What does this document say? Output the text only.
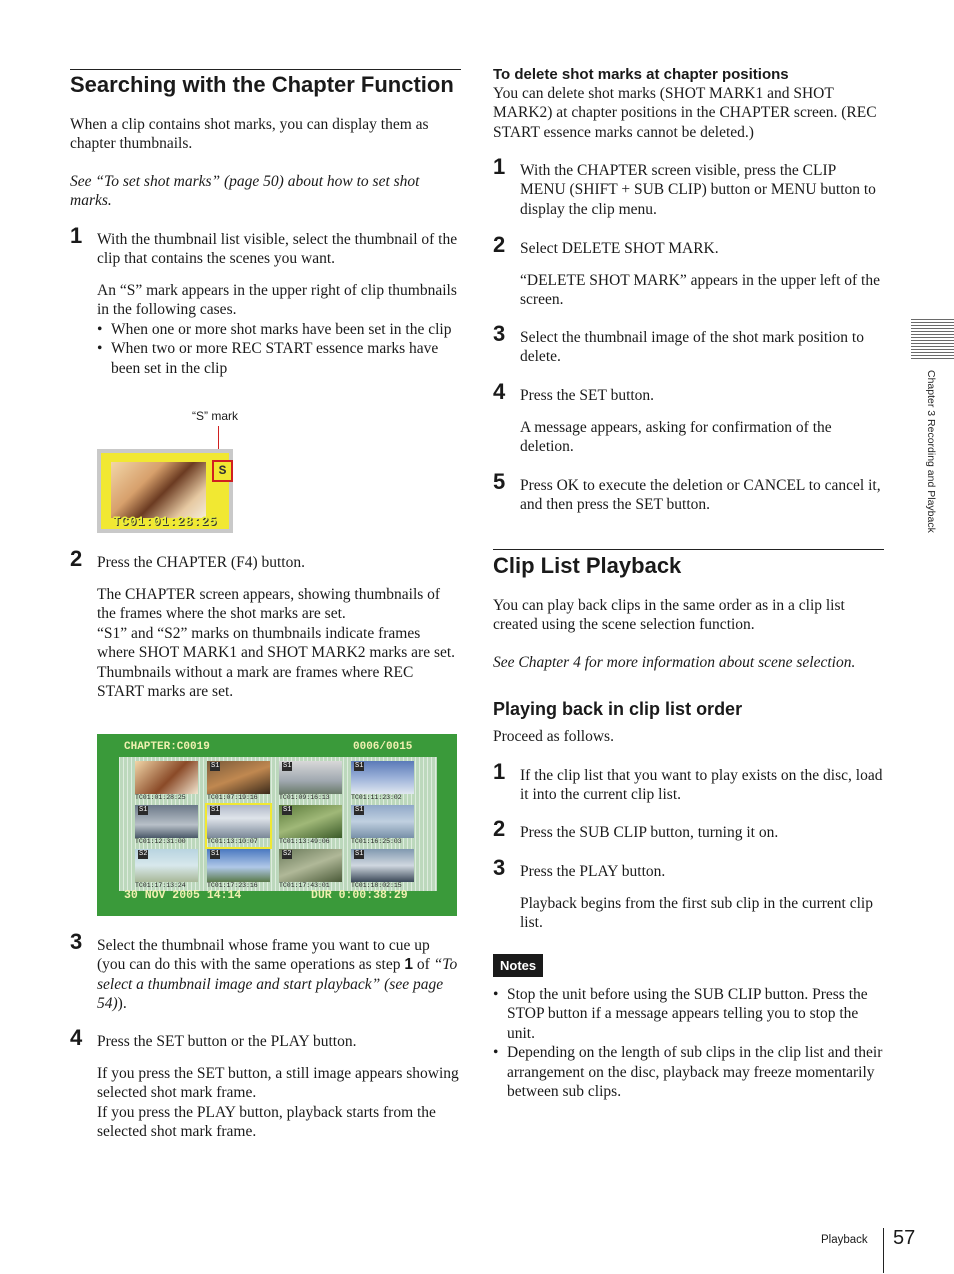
Searching with the Chapter Function

When a clip contains shot marks, you can display them as chapter thumbnails.

See “To set shot marks” (page 50) about how to set shot marks.

1 With the thumbnail list visible, select the thumbnail of the clip that contains the scenes you want.

An “S” mark appears in the upper right of clip thumbnails in the following cases.

• When one or more shot marks have been set in the clip

• When two or more REC START essence marks have been set in the clip

“S” mark
S
TC01:01:28:25
2 Press the CHAPTER (F4) button.

The CHAPTER screen appears, showing thumbnails of the frames where the shot marks are set.

“S1” and “S2” marks on thumbnails indicate frames where SHOT MARK1 and SHOT MARK2 marks are set.

Thumbnails without a mark are frames where REC START marks are set.

CHAPTER:C0019	0006/0015
TC01:01:28:25
S1
TC01:07:19:16
S1
TC01:09:16:13
S1
TC01:11:23:02
S1
TC01:12:31:00
S1
TC01:13:10:07
S1
TC01:13:49:06
S1
TC01:16:25:03
S2
TC01:17:13:24
S1
TC01:17:23:16
S2
TC01:17:43:01
S1
TC01:18:02:15
30 NOV 2005 14:14	DUR 0:00:38:29
3 Select the thumbnail whose frame you want to cue up (you can do this with the same operations as step 1 of “To select a thumbnail image and start playback” (see page 54)).

4 Press the SET button or the PLAY button.

If you press the SET button, a still image appears showing selected shot mark frame.

If you press the PLAY button, playback starts from the selected shot mark frame.

To delete shot marks at chapter positions

You can delete shot marks (SHOT MARK1 and SHOT MARK2) at chapter positions in the CHAPTER screen. (REC START essence marks cannot be deleted.)

1 With the CHAPTER screen visible, press the CLIP MENU (SHIFT + SUB CLIP) button or MENU button to display the clip menu.

2 Select DELETE SHOT MARK.

“DELETE SHOT MARK” appears in the upper left of the screen.

3 Select the thumbnail image of the shot mark position to delete.

4 Press the SET button.

A message appears, asking for confirmation of the deletion.

5 Press OK to execute the deletion or CANCEL to cancel it, and then press the SET button.

Clip List Playback

You can play back clips in the same order as in a clip list created using the scene selection function.

See Chapter 4 for more information about scene selection.

Playing back in clip list order

Proceed as follows.

1 If the clip list that you want to play exists on the disc, load it into the current clip list.

2 Press the SUB CLIP button, turning it on.

3 Press the PLAY button.

Playback begins from the first sub clip in the current clip list.

Notes

• Stop the unit before using the SUB CLIP button. Press the STOP button if a message appears telling you to stop the unit.

• Depending on the length of sub clips in the clip list and their arrangement on the disc, playback may freeze momentarily between sub clips.

Chapter 3 Recording and Playback
Playback 57
